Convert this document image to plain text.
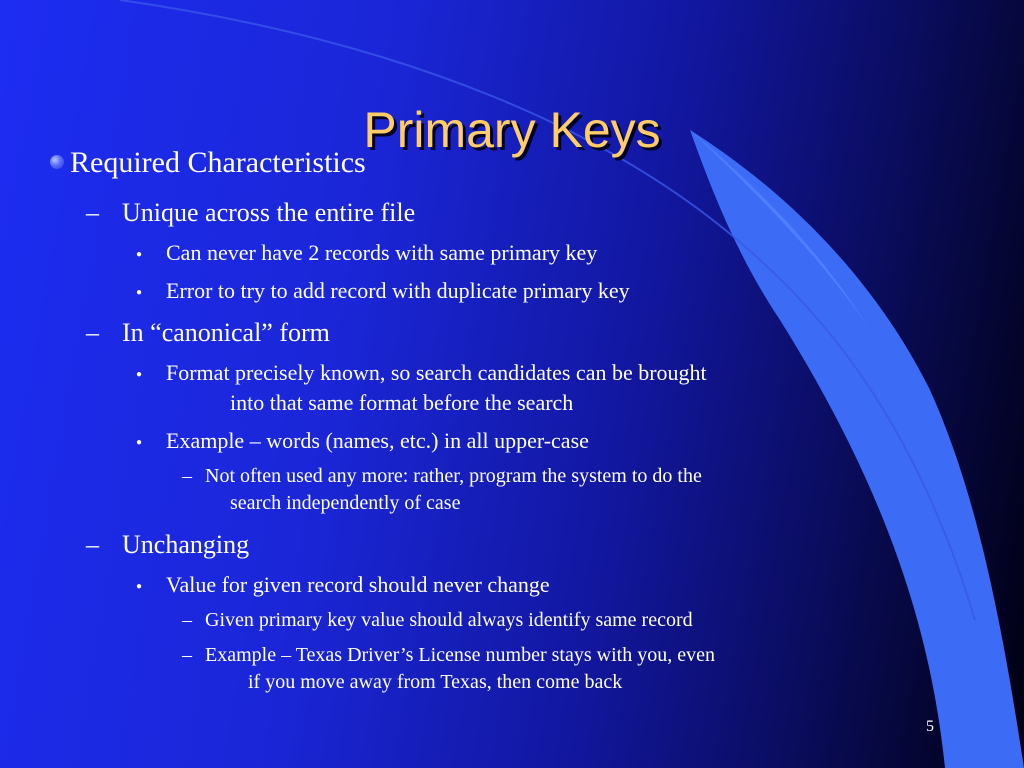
Primary Keys
Required Characteristics
– Unique across the entire file
● Can never have 2 records with same primary key
● Error to try to add record with duplicate primary key
– In “canonical” form
● Format precisely known, so search candidates can be brought
into that same format before the search
● Example – words (names, etc.) in all upper-case
– Not often used any more: rather, program the system to do the
search independently of case
– Unchanging
● Value for given record should never change
– Given primary key value should always identify same record
– Example – Texas Driver’s License number stays with you, even
if you move away from Texas, then come back
5
